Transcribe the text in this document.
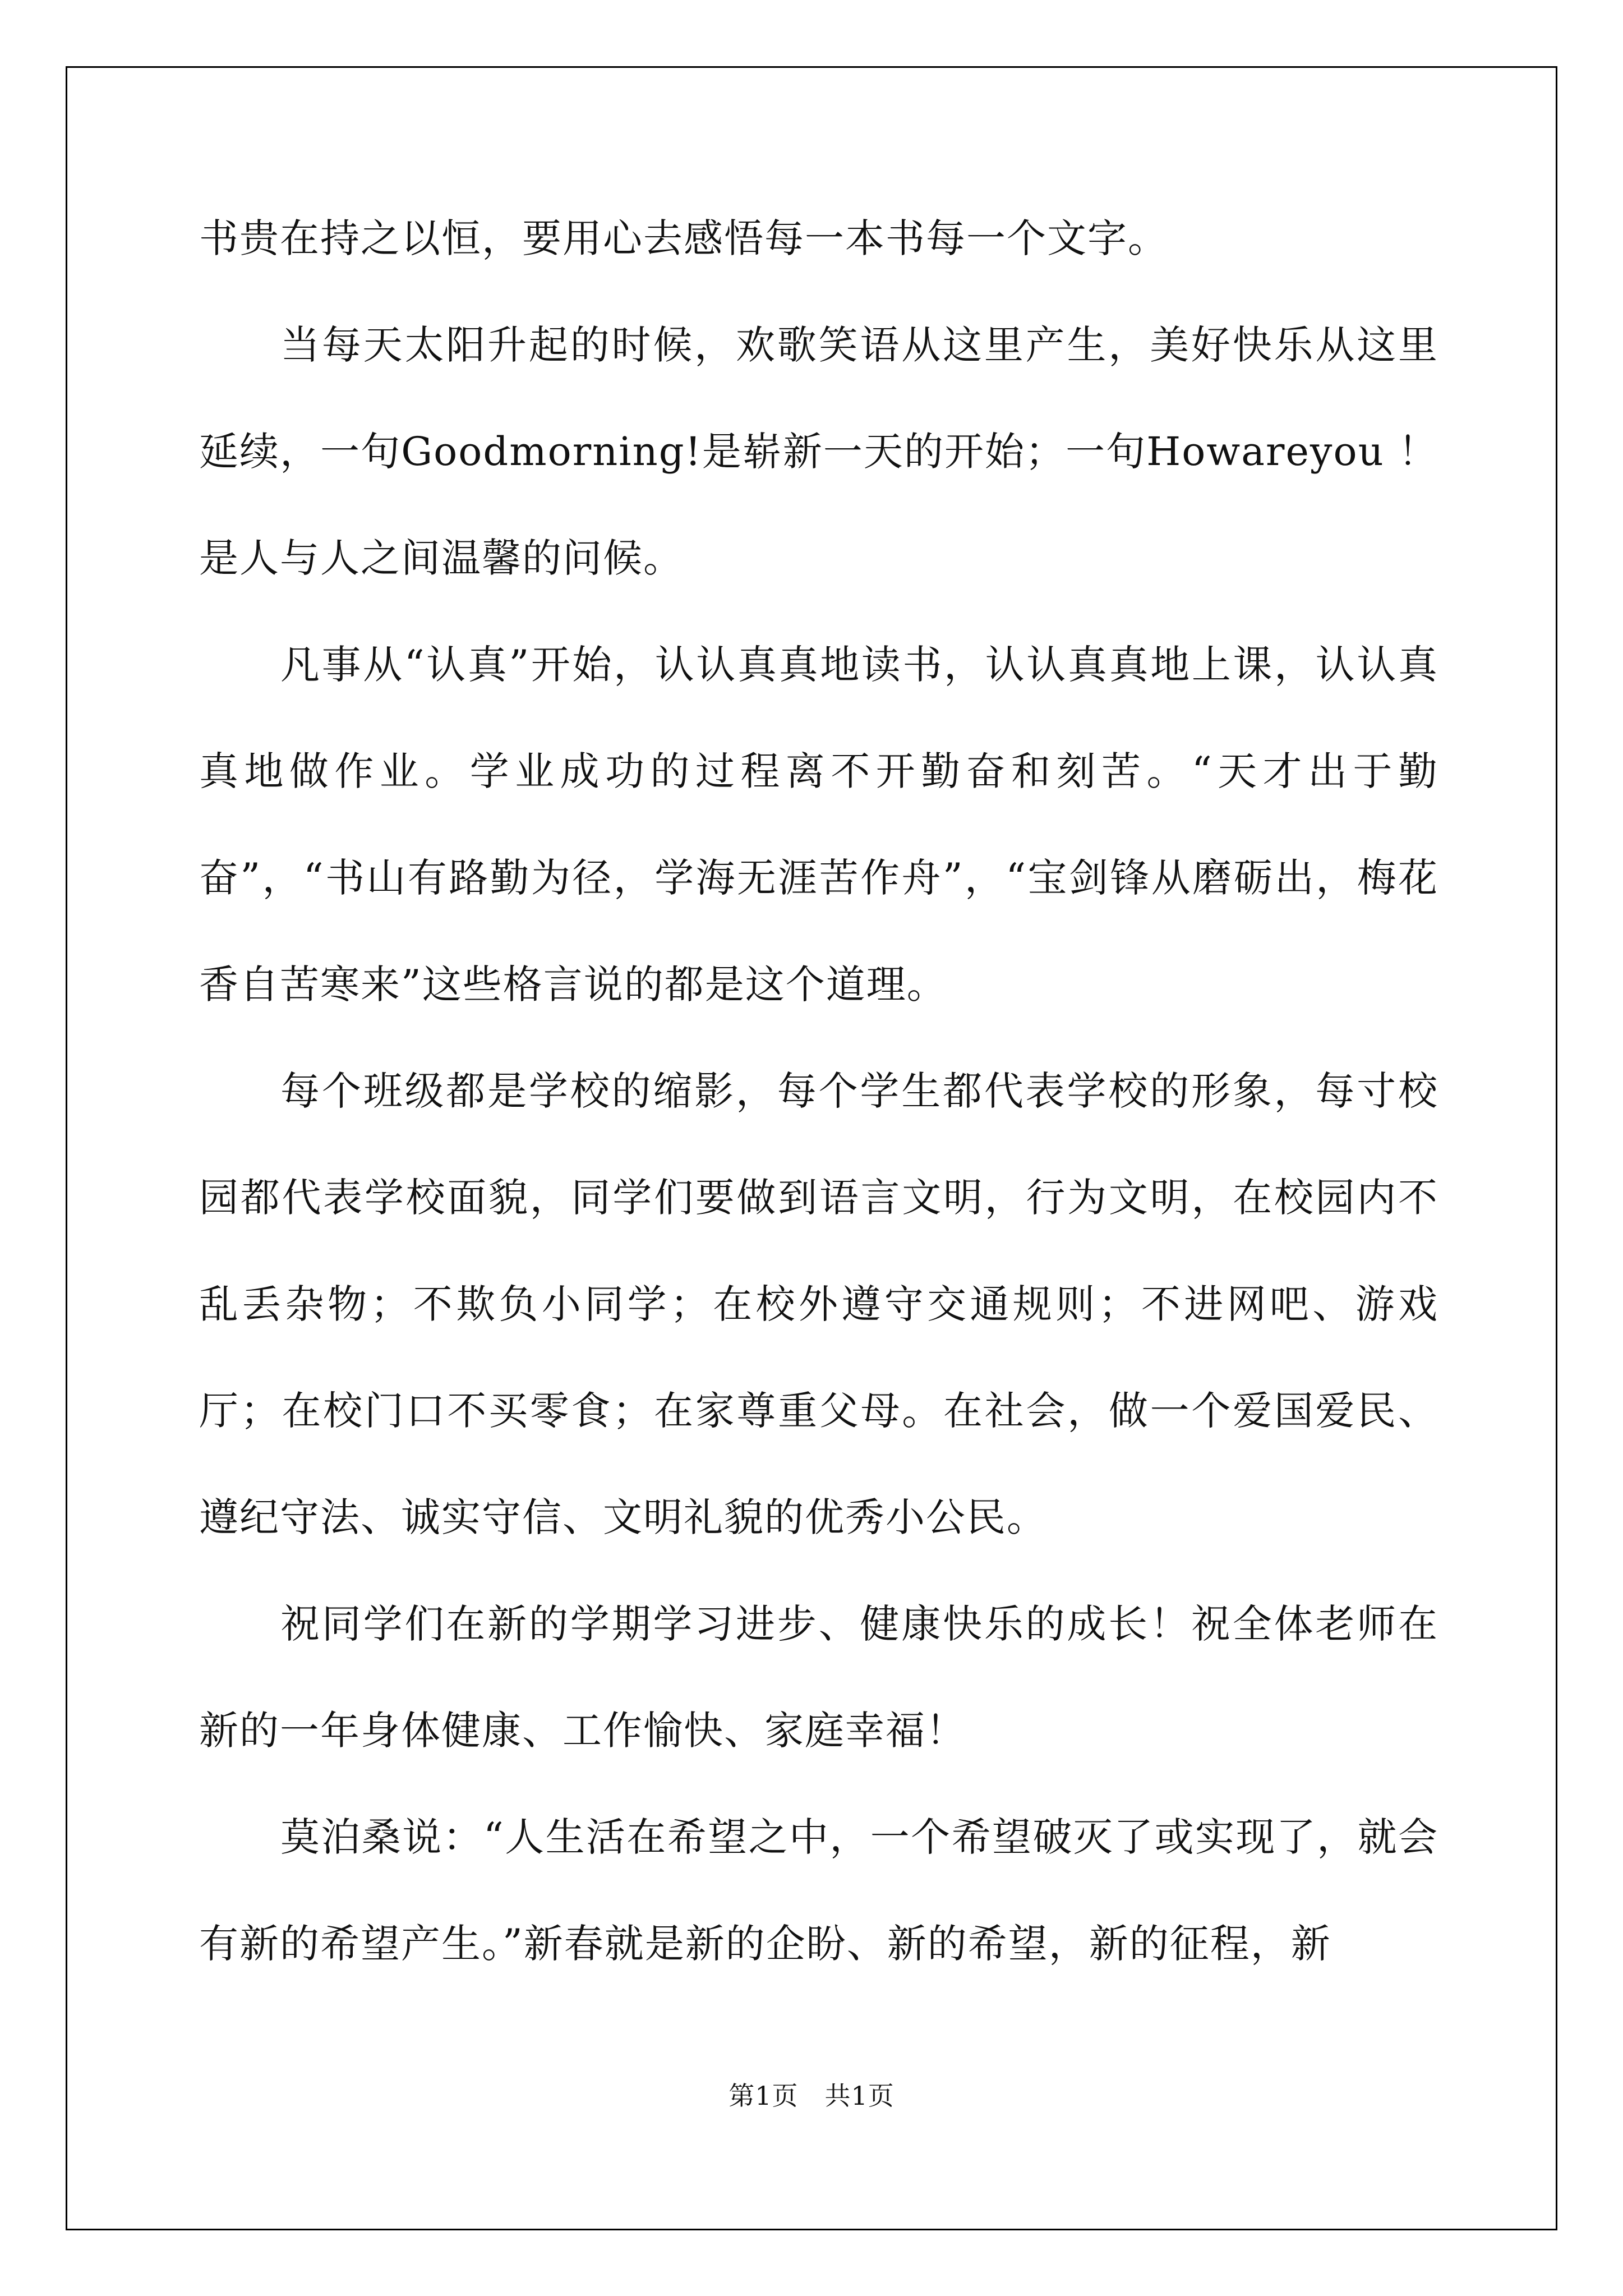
书贵在持之以恒，要用心去感悟每一本书每一个文字。

当每天太阳升起的时候，欢歌笑语从这里产生，美好快乐从这里延续，一句Goodmorning!是崭新一天的开始；一句Howareyou ！是人与人之间温馨的问候。

凡事从“认真”开始，认认真真地读书，认认真真地上课，认认真真地做作业。学业成功的过程离不开勤奋和刻苦。“天才出于勤奋”，“书山有路勤为径，学海无涯苦作舟”，“宝剑锋从磨砺出，梅花香自苦寒来”这些格言说的都是这个道理。

每个班级都是学校的缩影，每个学生都代表学校的形象，每寸校园都代表学校面貌，同学们要做到语言文明，行为文明，在校园内不乱丢杂物；不欺负小同学；在校外遵守交通规则；不进网吧、游戏厅；在校门口不买零食；在家尊重父母。在社会，做一个爱国爱民、遵纪守法、诚实守信、文明礼貌的优秀小公民。

祝同学们在新的学期学习进步、健康快乐的成长！祝全体老师在新的一年身体健康、工作愉快、家庭幸福！

莫泊桑说：“人生活在希望之中，一个希望破灭了或实现了，就会有新的希望产生。”新春就是新的企盼、新的希望，新的征程，新

第1页　共1页
